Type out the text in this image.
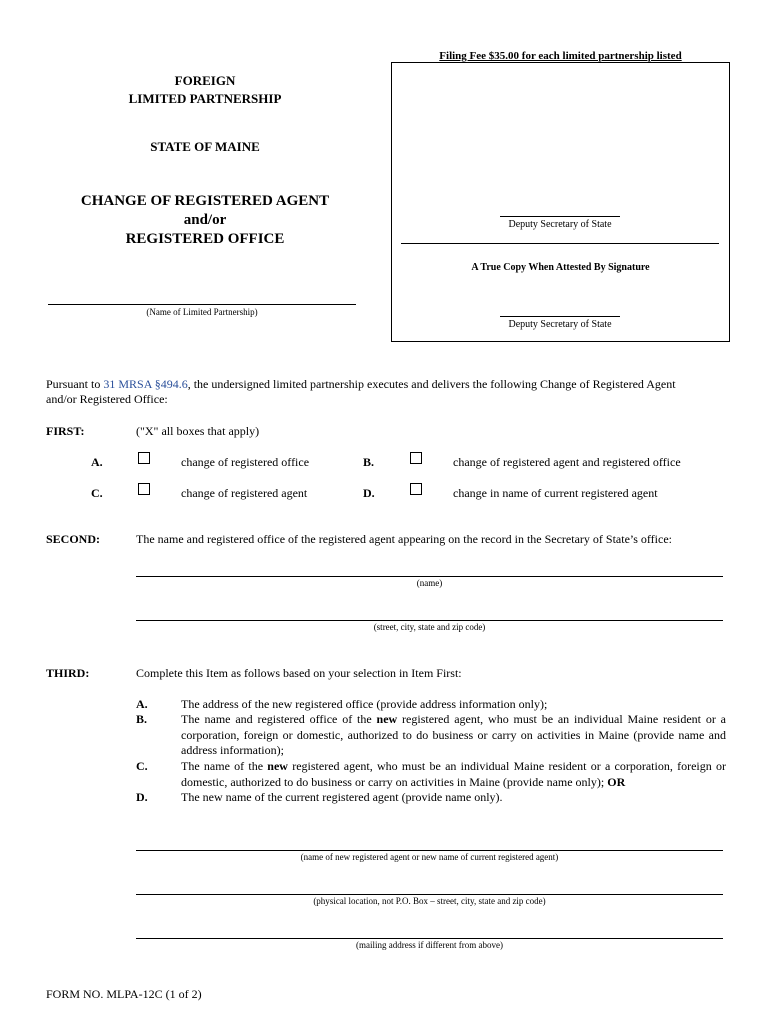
Filing Fee $35.00 for each limited partnership listed
Deputy Secretary of State
A True Copy When Attested By Signature
Deputy Secretary of State
FOREIGN
LIMITED PARTNERSHIP
STATE OF MAINE
CHANGE OF REGISTERED AGENT
and/or
REGISTERED OFFICE
(Name of Limited Partnership)
Pursuant to 31 MRSA §494.6, the undersigned limited partnership executes and delivers the following Change of Registered Agent
and/or Registered Office:
FIRST:	("X" all boxes that apply)
A.	change of registered office	B.	change of registered agent and registered office
C.	change of registered agent	D.	change in name of current registered agent
SECOND:	The name and registered office of the registered agent appearing on the record in the Secretary of State’s office:
(name)
(street, city, state and zip code)
THIRD:	Complete this Item as follows based on your selection in Item First:
A.	The address of the new registered office (provide address information only);
B.	The name and registered office of the new registered agent, who must be an individual Maine resident or a corporation, foreign or domestic, authorized to do business or carry on activities in Maine (provide name and address information);
C.	The name of the new registered agent, who must be an individual Maine resident or a corporation, foreign or domestic, authorized to do business or carry on activities in Maine (provide name only); OR
D.	The new name of the current registered agent (provide name only).
(name of new registered agent or new name of current registered agent)
(physical location, not P.O. Box – street, city, state and zip code)
(mailing address if different from above)
FORM NO. MLPA-12C (1 of 2)
